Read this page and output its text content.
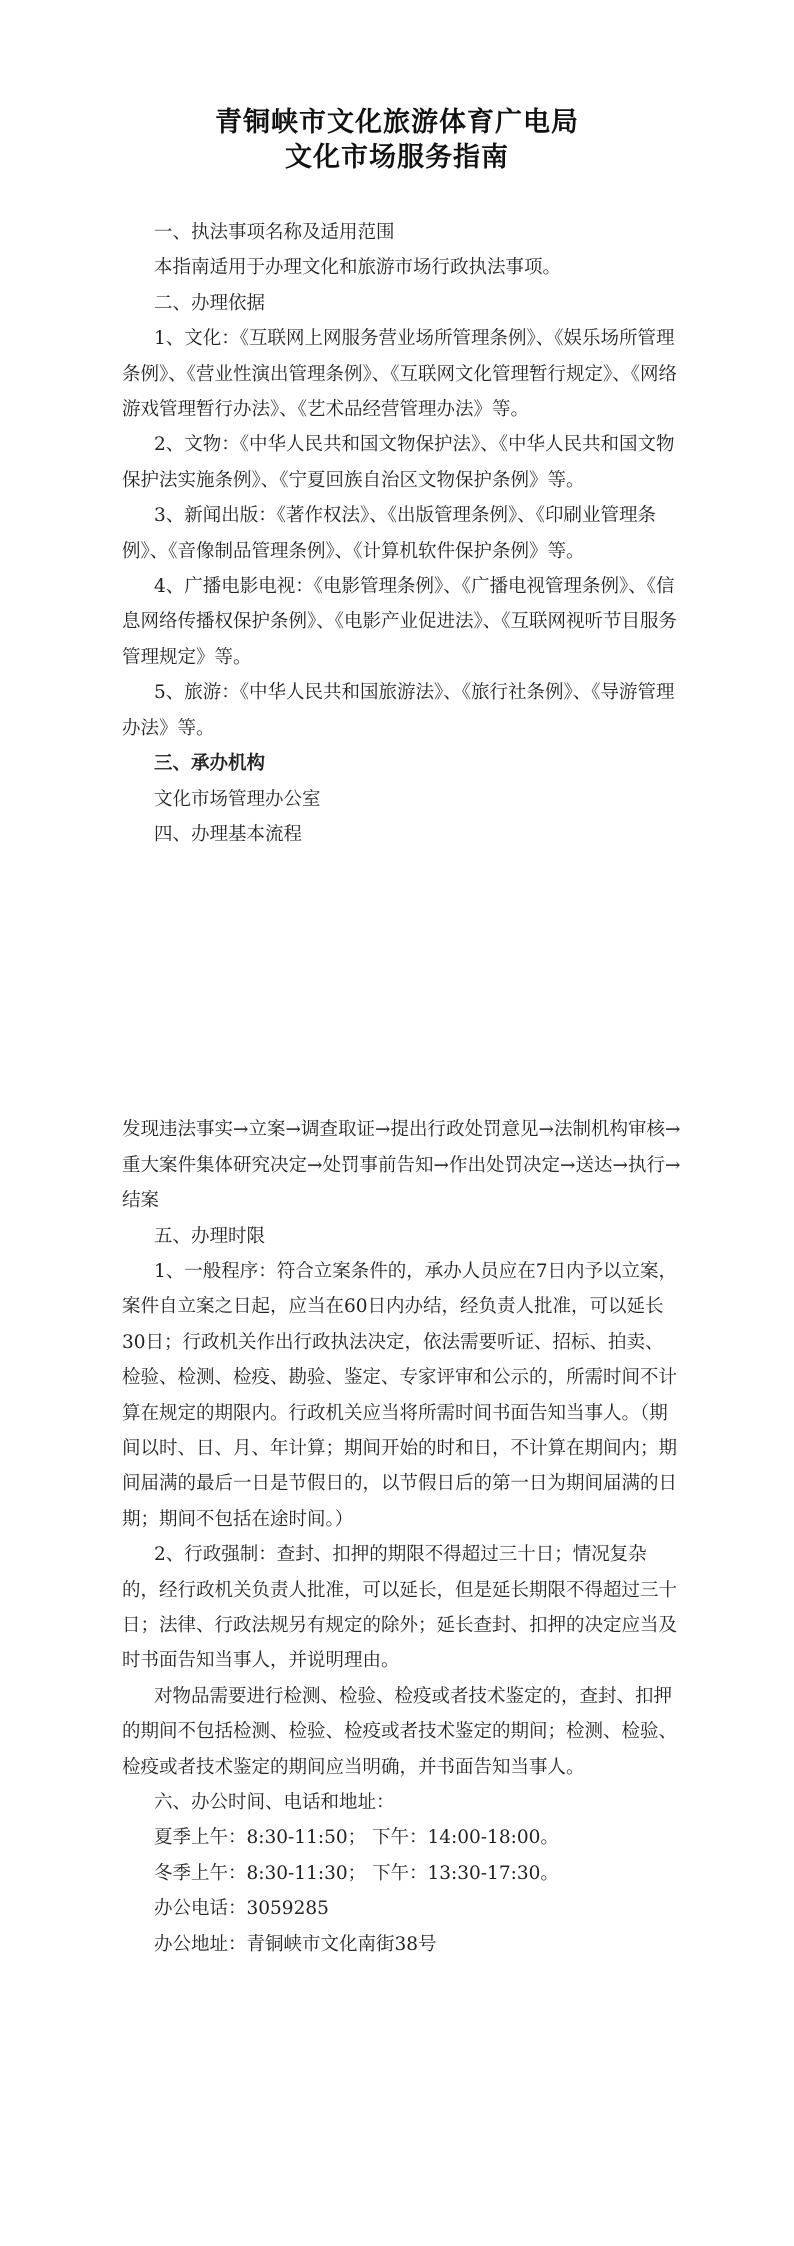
青铜峡市文化旅游体育广电局
文化市场服务指南

一、执法事项名称及适用范围

本指南适用于办理文化和旅游市场行政执法事项。

二、办理依据

1、文化：《互联网上网服务营业场所管理条例》、《娱乐场所管理条例》、《营业性演出管理条例》、《互联网文化管理暂行规定》、《网络游戏管理暂行办法》、《艺术品经营管理办法》等。

2、文物：《中华人民共和国文物保护法》、《中华人民共和国文物保护法实施条例》、《宁夏回族自治区文物保护条例》等。

3、新闻出版：《著作权法》、《出版管理条例》、《印刷业管理条例》、《音像制品管理条例》、《计算机软件保护条例》等。

4、广播电影电视：《电影管理条例》、《广播电视管理条例》、《信息网络传播权保护条例》、《电影产业促进法》、《互联网视听节目服务管理规定》等。

5、旅游：《中华人民共和国旅游法》、《旅行社条例》、《导游管理办法》等。

三、承办机构

文化市场管理办公室

四、办理基本流程

发现违法事实→立案→调查取证→提出行政处罚意见→法制机构审核→重大案件集体研究决定→处罚事前告知→作出处罚决定→送达→执行→结案

五、办理时限

1、一般程序：符合立案条件的，承办人员应在7日内予以立案，案件自立案之日起，应当在60日内办结，经负责人批准，可以延长30日；行政机关作出行政执法决定，依法需要听证、招标、拍卖、检验、检测、检疫、勘验、鉴定、专家评审和公示的，所需时间不计算在规定的期限内。行政机关应当将所需时间书面告知当事人。（期间以时、日、月、年计算；期间开始的时和日，不计算在期间内；期间届满的最后一日是节假日的，以节假日后的第一日为期间届满的日期；期间不包括在途时间。）

2、行政强制：查封、扣押的期限不得超过三十日；情况复杂的，经行政机关负责人批准，可以延长，但是延长期限不得超过三十日；法律、行政法规另有规定的除外；延长查封、扣押的决定应当及时书面告知当事人，并说明理由。

对物品需要进行检测、检验、检疫或者技术鉴定的，查封、扣押的期间不包括检测、检验、检疫或者技术鉴定的期间；检测、检验、检疫或者技术鉴定的期间应当明确，并书面告知当事人。

六、办公时间、电话和地址：

夏季上午：8:30-11:50； 下午：14:00-18:00。

冬季上午：8:30-11:30； 下午：13:30-17:30。

办公电话：3059285

办公地址：青铜峡市文化南街38号
